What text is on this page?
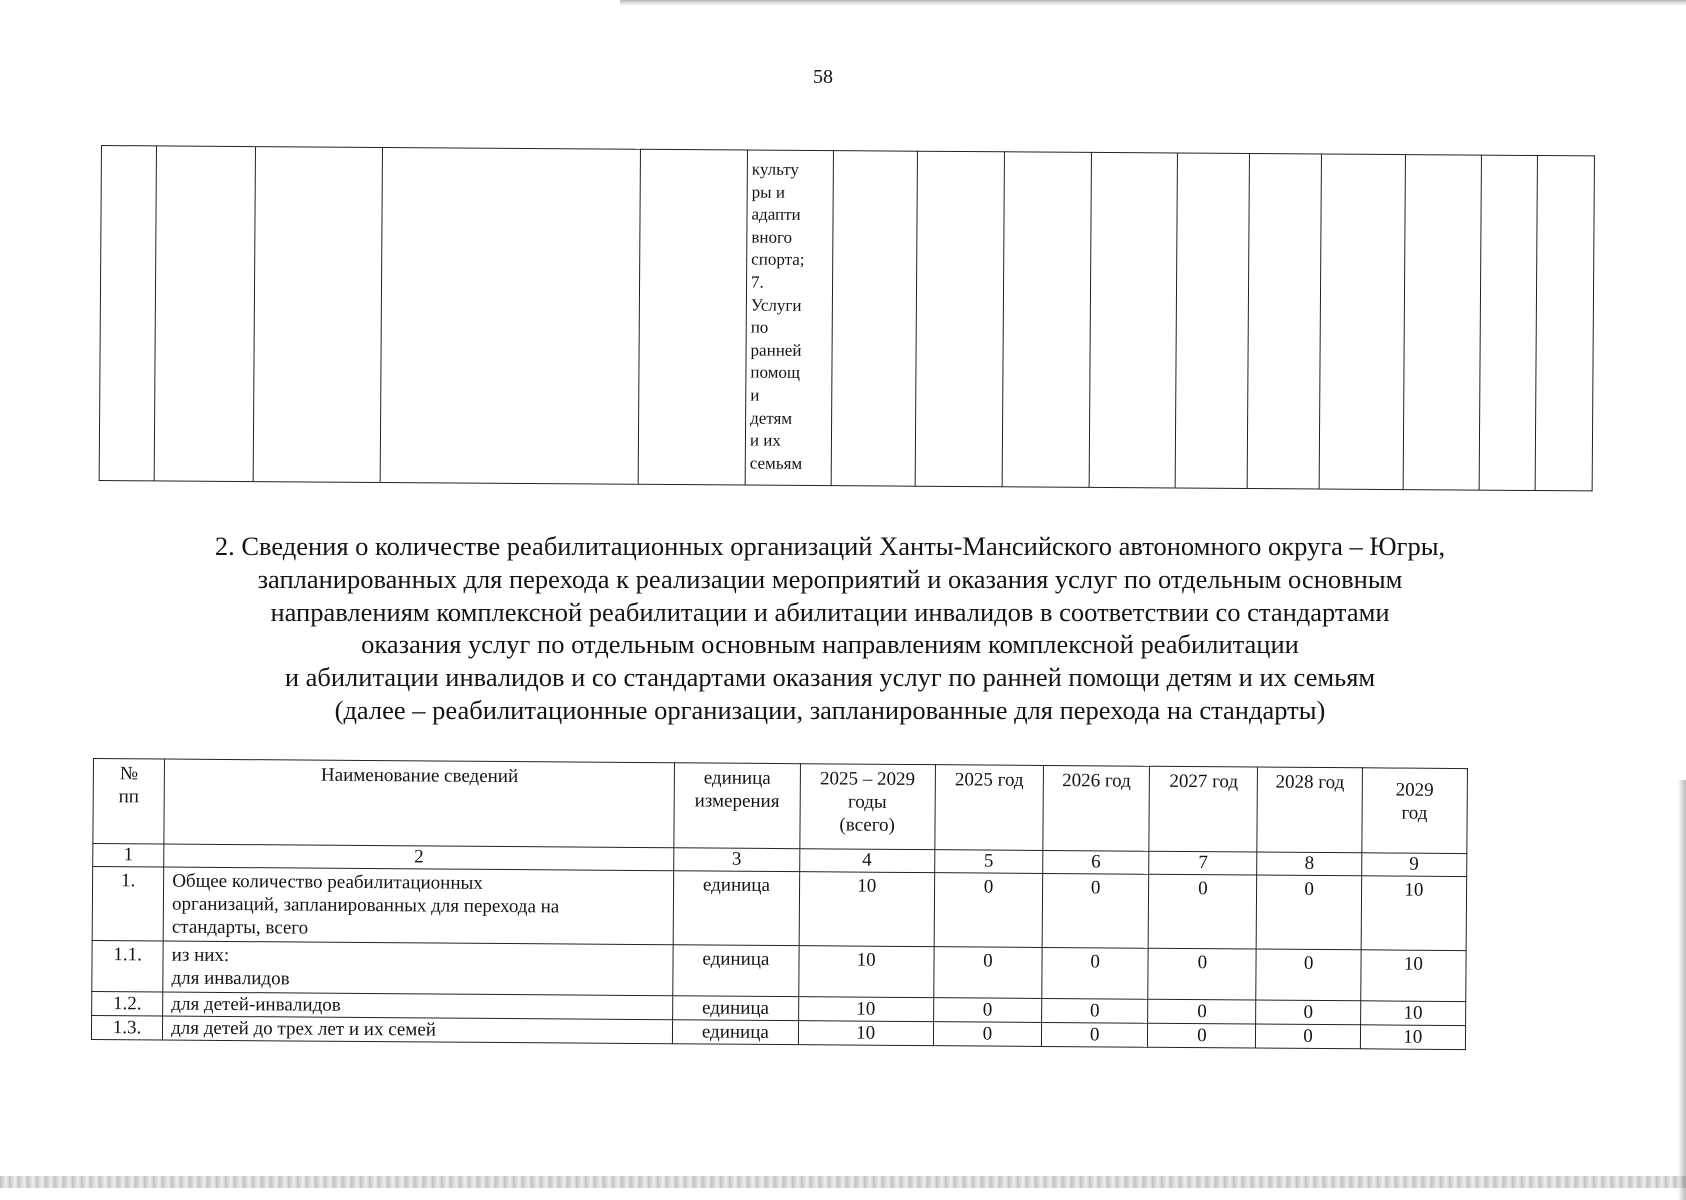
58

культу
ры и
адапти
вного
спорта;
7.
Услуги
по
ранней
помощ
и
детям
и их
семьям

2. Сведения о количестве реабилитационных организаций Ханты-Мансийского автономного округа – Югры,
запланированных для перехода к реализации мероприятий и оказания услуг по отдельным основным
направлениям комплексной реабилитации и абилитации инвалидов в соответствии со стандартами
оказания услуг по отдельным основным направлениям комплексной реабилитации
и абилитации инвалидов и со стандартами оказания услуг по ранней помощи детям и их семьям
(далее – реабилитационные организации, запланированные для перехода на стандарты)
№
пп	Наименование сведений	единица
измерения	2025 – 2029
годы
(всего)	2025 год	2026 год	2027 год	2028 год	2029
год
1	2	3	4	5	6	7	8	9
1.	Общее количество реабилитационных
организаций, запланированных для перехода на
стандарты, всего	единица	10	0	0	0	0	10
1.1.	из них:
для инвалидов	единица	10	0	0	0	0	10
1.2.	для детей-инвалидов	единица	10	0	0	0	0	10
1.3.	для детей до трех лет и их семей	единица	10	0	0	0	0	10
